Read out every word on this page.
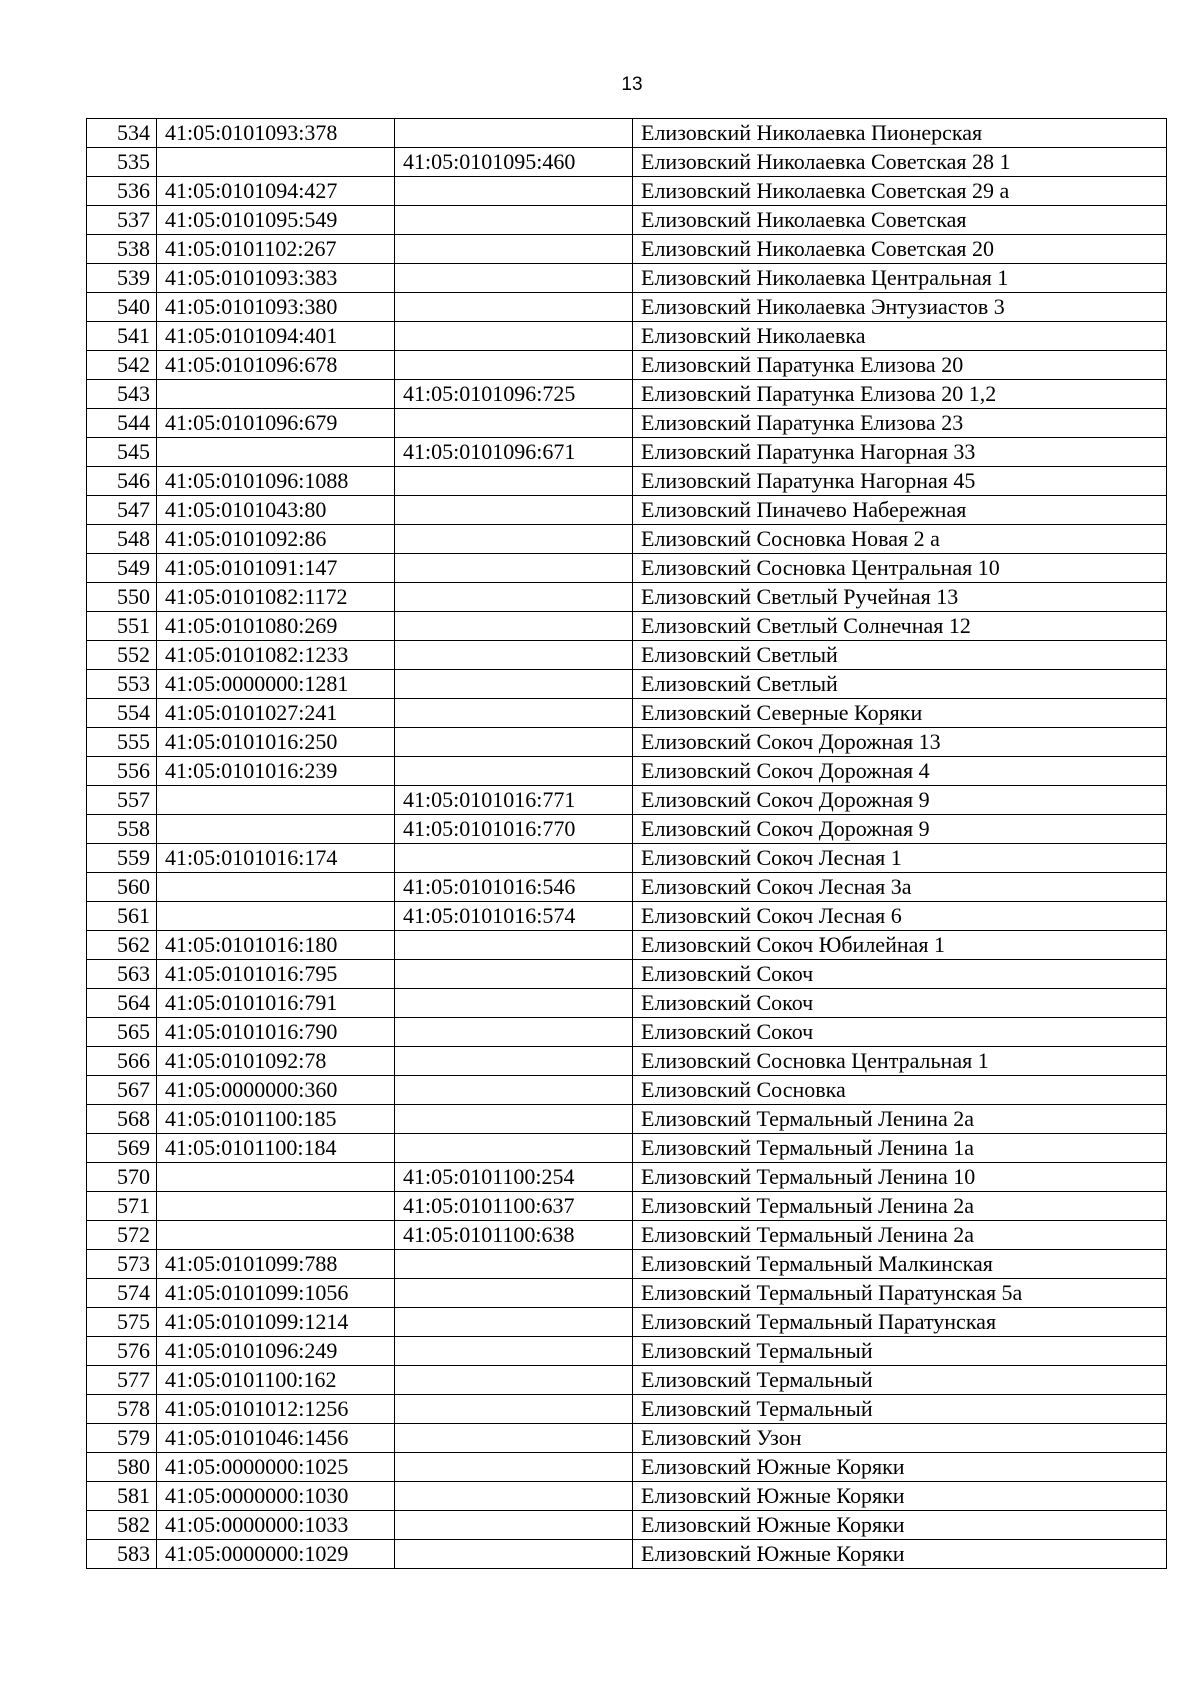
13
534	41:05:0101093:378		Елизовский Николаевка Пионерская
535		41:05:0101095:460	Елизовский Николаевка Советская 28 1
536	41:05:0101094:427		Елизовский Николаевка Советская 29 а
537	41:05:0101095:549		Елизовский Николаевка Советская
538	41:05:0101102:267		Елизовский Николаевка Советская 20
539	41:05:0101093:383		Елизовский Николаевка Центральная 1
540	41:05:0101093:380		Елизовский Николаевка Энтузиастов 3
541	41:05:0101094:401		Елизовский Николаевка
542	41:05:0101096:678		Елизовский Паратунка Елизова 20
543		41:05:0101096:725	Елизовский Паратунка Елизова 20 1,2
544	41:05:0101096:679		Елизовский Паратунка Елизова 23
545		41:05:0101096:671	Елизовский Паратунка Нагорная 33
546	41:05:0101096:1088		Елизовский Паратунка Нагорная 45
547	41:05:0101043:80		Елизовский Пиначево Набережная
548	41:05:0101092:86		Елизовский Сосновка Новая 2 а
549	41:05:0101091:147		Елизовский Сосновка Центральная 10
550	41:05:0101082:1172		Елизовский Светлый Ручейная 13
551	41:05:0101080:269		Елизовский Светлый Солнечная 12
552	41:05:0101082:1233		Елизовский Светлый
553	41:05:0000000:1281		Елизовский Светлый
554	41:05:0101027:241		Елизовский Северные Коряки
555	41:05:0101016:250		Елизовский Сокоч Дорожная 13
556	41:05:0101016:239		Елизовский Сокоч Дорожная 4
557		41:05:0101016:771	Елизовский Сокоч Дорожная 9
558		41:05:0101016:770	Елизовский Сокоч Дорожная 9
559	41:05:0101016:174		Елизовский Сокоч Лесная 1
560		41:05:0101016:546	Елизовский Сокоч Лесная 3а
561		41:05:0101016:574	Елизовский Сокоч Лесная 6
562	41:05:0101016:180		Елизовский Сокоч Юбилейная 1
563	41:05:0101016:795		Елизовский Сокоч
564	41:05:0101016:791		Елизовский Сокоч
565	41:05:0101016:790		Елизовский Сокоч
566	41:05:0101092:78		Елизовский Сосновка Центральная 1
567	41:05:0000000:360		Елизовский Сосновка
568	41:05:0101100:185		Елизовский Термальный Ленина 2а
569	41:05:0101100:184		Елизовский Термальный Ленина 1а
570		41:05:0101100:254	Елизовский Термальный Ленина 10
571		41:05:0101100:637	Елизовский Термальный Ленина 2а
572		41:05:0101100:638	Елизовский Термальный Ленина 2а
573	41:05:0101099:788		Елизовский Термальный Малкинская
574	41:05:0101099:1056		Елизовский Термальный Паратунская 5а
575	41:05:0101099:1214		Елизовский Термальный Паратунская
576	41:05:0101096:249		Елизовский Термальный
577	41:05:0101100:162		Елизовский Термальный
578	41:05:0101012:1256		Елизовский Термальный
579	41:05:0101046:1456		Елизовский Узон
580	41:05:0000000:1025		Елизовский Южные Коряки
581	41:05:0000000:1030		Елизовский Южные Коряки
582	41:05:0000000:1033		Елизовский Южные Коряки
583	41:05:0000000:1029		Елизовский Южные Коряки
